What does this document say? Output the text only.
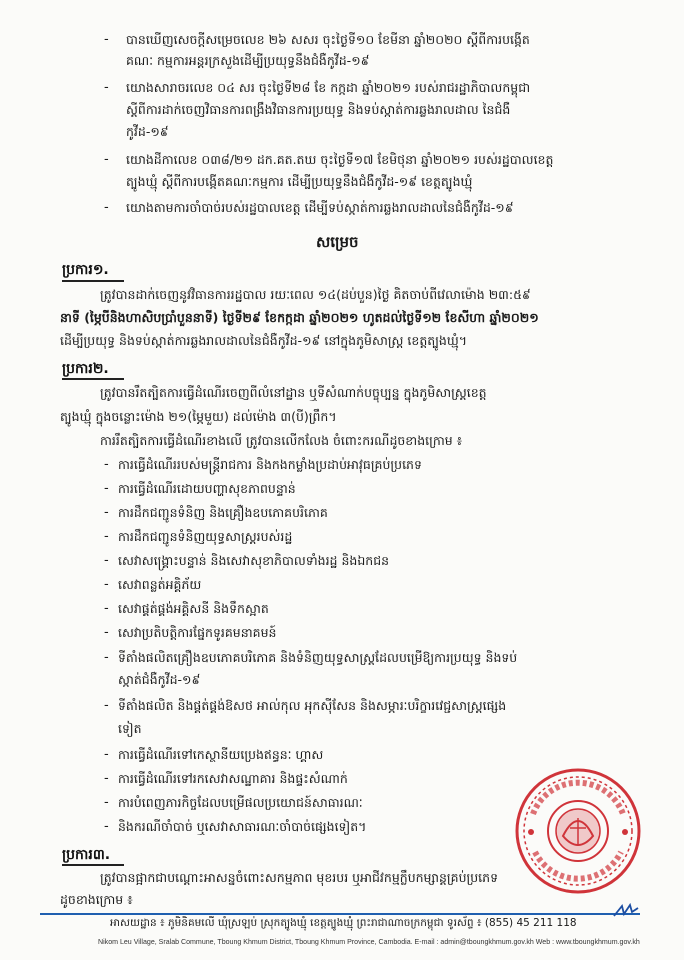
- បានឃើញសេចក្តីសម្រេចលេខ ២៦ សសរ ចុះថ្ងៃទី១០ ខែមីនា ឆ្នាំ២០២០ ស្តីពីការបង្កើត
គណៈ កម្មការអន្តរក្រសួងដើម្បីប្រយុទ្ធនឹងជំងឺកូវីដ-១៩
- យោងសារាចរលេខ ០៤ សរ ចុះថ្ងៃទី២៨ ខែ កក្កដា ឆ្នាំ២០២១ របស់រាជរដ្ឋាភិបាលកម្ពុជា
ស្តីពីការដាក់ចេញវិធានការពង្រឹងវិធានការប្រយុទ្ធ និងទប់ស្កាត់ការឆ្លងរាលដាល នៃជំងឺ
កូវីដ-១៩
- យោងដីកាលេខ ០៣៨/២១ ដក.គត.តឃ ចុះថ្ងៃទី១៧ ខែមិថុនា ឆ្នាំ២០២១ របស់រដ្ឋបាលខេត្ត
ត្បូងឃ្មុំ ស្តីពីការបង្កើតគណៈកម្មការ ដើម្បីប្រយុទ្ធនឹងជំងឺកូវីដ-១៩ ខេត្តត្បូងឃ្មុំ
- យោងតាមការចាំបាច់របស់រដ្ឋបាលខេត្ត ដើម្បីទប់ស្កាត់ការឆ្លងរាលដាលនៃជំងឺកូវីដ-១៩
សម្រេច
ប្រការ១.
ត្រូវបានដាក់ចេញនូវវិធានការរដ្ឋបាល រយៈពេល ១៤(ដប់បួន)ថ្ងៃ គិតចាប់ពីវេលាម៉ោង ២៣:៥៩
នាទី (ម្ភៃបីនិងហាសិបប្រាំបួននាទី) ថ្ងៃទី២៩ ខែកក្កដា ឆ្នាំ២០២១ ហូតដល់ថ្ងៃទី១២ ខែសីហា ឆ្នាំ២០២១
ដើម្បីប្រយុទ្ធ និងទប់ស្កាត់ការឆ្លងរាលដាលនៃជំងឺកូវីដ-១៩ នៅក្នុងភូមិសាស្ត្រ ខេត្តត្បូងឃ្មុំ។
ប្រការ២.
ត្រូវបានរឹតត្បិតការធ្វើដំណើរចេញពីលំនៅដ្ឋាន ឬទីសំណាក់បច្ចុប្បន្ន ក្នុងភូមិសាស្ត្រខេត្ត
ត្បូងឃ្មុំ ក្នុងចន្លោះម៉ោង ២១(ម្ភៃមួយ) ដល់ម៉ោង ៣(បី)ព្រឹក។
ការរឹតត្បិតការធ្វើដំណើរខាងលើ ត្រូវបានលើកលែង ចំពោះករណីដូចខាងក្រោម ៖
- ការធ្វើដំណើររបស់មន្ត្រីរាជការ និងកងកម្លាំងប្រដាប់អាវុធគ្រប់ប្រភេទ
- ការធ្វើដំណើរដោយបញ្ហាសុខភាពបន្ទាន់
- ការដឹកជញ្ជូនទំនិញ និងគ្រឿងឧបភោគបរិភោគ
- ការដឹកជញ្ជូនទំនិញយុទ្ធសាស្ត្ររបស់រដ្ឋ
- សេវាសង្គ្រោះបន្ទាន់ និងសេវាសុខាភិបាលទាំងរដ្ឋ និងឯកជន
- សេវាពន្លត់អគ្គិភ័យ
- សេវាផ្គត់ផ្គង់អគ្គិសនី និងទឹកស្អាត
- សេវាប្រតិបត្តិការផ្នែកទូរគមនាគមន៍
- ទីតាំងផលិតគ្រឿងឧបភោគបរិភោគ និងទំនិញយុទ្ធសាស្ត្រដែលបម្រើឱ្យការប្រយុទ្ធ និងទប់
ស្កាត់ជំងឺកូវីដ-១៩
- ទីតាំងផលិត និងផ្គត់ផ្គង់ឱសថ អាល់កុល អុកស៊ីសែន និងសម្ភារៈបរិក្ខារវេជ្ជសាស្ត្រផ្សេង
ទៀត
- ការធ្វើដំណើរទៅកេស្ថានីយប្រេងឥន្ធនៈ ហ្គាស
- ការធ្វើដំណើរទៅរកសេវាសណ្ឋាគារ និងផ្ទះសំណាក់
- ការបំពេញភារកិច្ចដែលបម្រើផលប្រយោជន៍សាធារណៈ
- និងករណីចាំបាច់ ឬសេវាសាធារណៈចាំបាច់ផ្សេងទៀត។
ប្រការ៣.
ត្រូវបានផ្អាកជាបណ្តោះអាសន្នចំពោះសកម្មភាព មុខរបរ ឬអាជីវកម្មក្លឹបកម្សាន្តគ្រប់ប្រភេទ
ដូចខាងក្រោម ៖
អាសយដ្ឋាន ៖ ភូមិនិគមលើ ឃុំស្រឡប់ ស្រុកត្បូងឃ្មុំ ខេត្តត្បូងឃ្មុំ ព្រះរាជាណាចក្រកម្ពុជា ទូរស័ព្ទ ៖ (855) 45 211 118
Nikom Leu Village, Sralab Commune, Tboung Khmum District, Tboung Khmum Province, Cambodia. E-mail : admin@tboungkhmum.gov.kh Web : www.tboungkhmum.gov.kh
